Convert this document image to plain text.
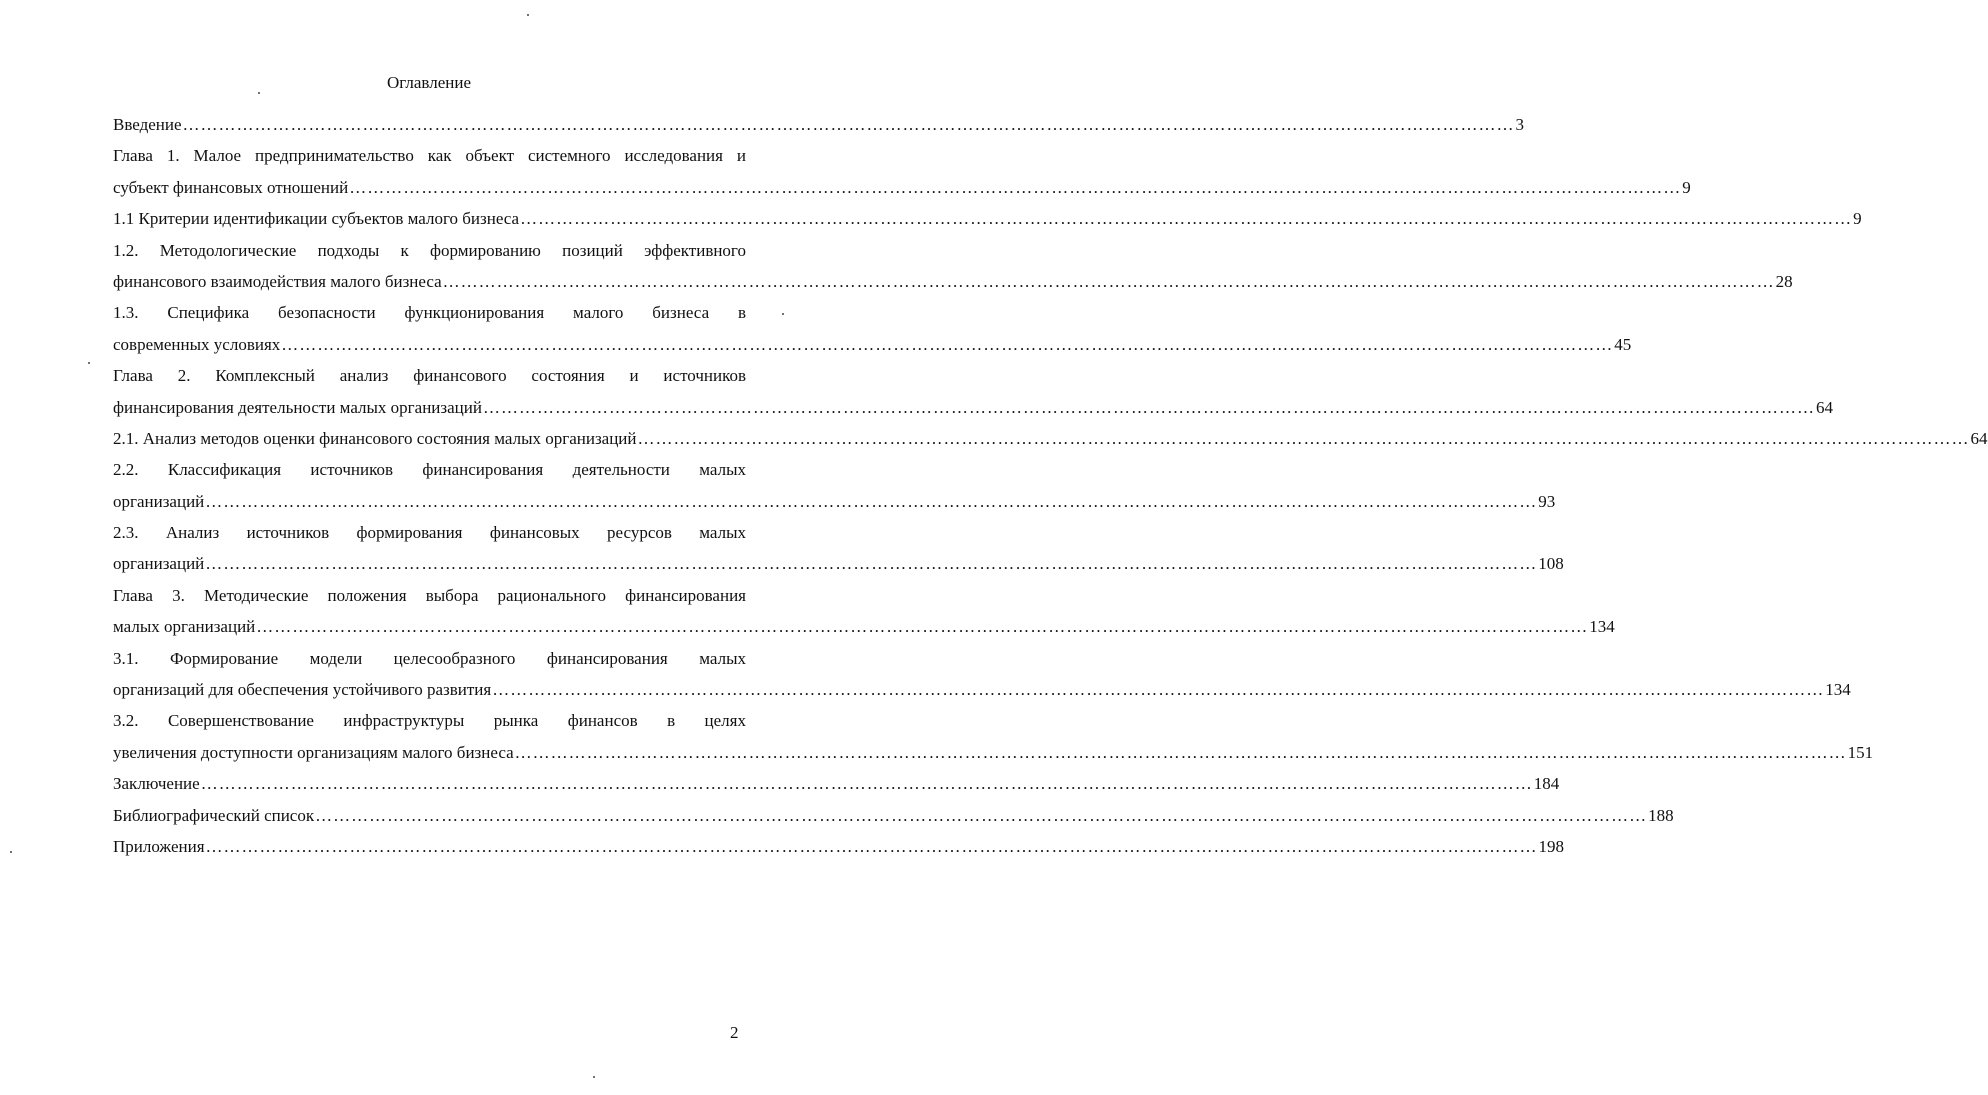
Оглавление
Введение …………………………………………………………………………………………………………………………………………………………………………………………………… 3
Глава 1. Малое предпринимательство как объект системного исследования и
субъект финансовых отношений …………………………………………………………………………………………………………………………………………………………………………………………………… 9
1.1 Критерии идентификации субъектов малого бизнеса …………………………………………………………………………………………………………………………………………………………………………………………………… 9
1.2. Методологические подходы к формированию позиций эффективного
финансового взаимодействия малого бизнеса …………………………………………………………………………………………………………………………………………………………………………………………………… 28
1.3. Специфика безопасности функционирования малого бизнеса в
современных условиях …………………………………………………………………………………………………………………………………………………………………………………………………… 45
Глава 2. Комплексный анализ финансового состояния и источников
финансирования деятельности малых организаций …………………………………………………………………………………………………………………………………………………………………………………………………… 64
2.1. Анализ методов оценки финансового состояния малых организаций …………………………………………………………………………………………………………………………………………………………………………………………………… 64
2.2. Классификация источников финансирования деятельности малых
организаций …………………………………………………………………………………………………………………………………………………………………………………………………… 93
2.3. Анализ источников формирования финансовых ресурсов малых
организаций …………………………………………………………………………………………………………………………………………………………………………………………………… 108
Глава 3. Методические положения выбора рационального финансирования
малых организаций …………………………………………………………………………………………………………………………………………………………………………………………………… 134
3.1. Формирование модели целесообразного финансирования малых
организаций для обеспечения устойчивого развития …………………………………………………………………………………………………………………………………………………………………………………………………… 134
3.2. Совершенствование инфраструктуры рынка финансов в целях
увеличения доступности организациям малого бизнеса …………………………………………………………………………………………………………………………………………………………………………………………………… 151
Заключение …………………………………………………………………………………………………………………………………………………………………………………………………… 184
Библиографический список …………………………………………………………………………………………………………………………………………………………………………………………………… 188
Приложения …………………………………………………………………………………………………………………………………………………………………………………………………… 198
2
